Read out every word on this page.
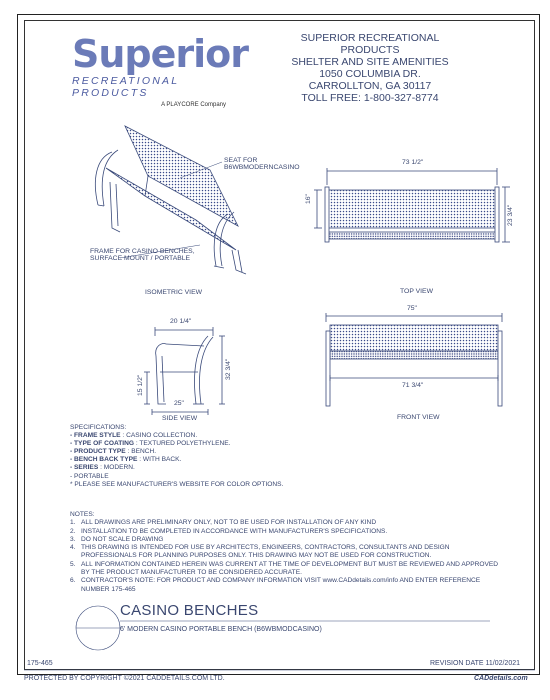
Superior
RECREATIONAL PRODUCTS
A PLAYCORE Company
SUPERIOR RECREATIONAL PRODUCTS
SHELTER AND SITE AMENITIES
1050 COLUMBIA DR.
CARROLLTON, GA 30117
TOLL FREE: 1-800-327-8774
SEAT FOR
B6WBMODERNCASINO
FRAME FOR CASINO BENCHES,
SURFACE MOUNT / PORTABLE
ISOMETRIC VIEW	TOP VIEW
SIDE VIEW	FRONT VIEW
73 1/2"
16"
23 3/4"
75"
71 3/4"
20 1/4"
15 1/2"
32 3/4"
25"
SPECIFICATIONS:
- FRAME STYLE : CASINO COLLECTION.
- TYPE OF COATING : TEXTURED POLYETHYLENE.
- PRODUCT TYPE : BENCH.
- BENCH BACK TYPE : WITH BACK.
- SERIES : MODERN.
- PORTABLE
* PLEASE SEE MANUFACTURER'S WEBSITE FOR COLOR OPTIONS.
NOTES:
1. ALL DRAWINGS ARE PRELIMINARY ONLY, NOT TO BE USED FOR INSTALLATION OF ANY KIND
2. INSTALLATION TO BE COMPLETED IN ACCORDANCE WITH MANUFACTURER'S SPECIFICATIONS.
3. DO NOT SCALE DRAWING
4. THIS DRAWING IS INTENDED FOR USE BY ARCHITECTS, ENGINEERS, CONTRACTORS, CONSULTANTS AND DESIGN PROFESSIONALS FOR PLANNING PURPOSES ONLY. THIS DRAWING MAY NOT BE USED FOR CONSTRUCTION.
5. ALL INFORMATION CONTAINED HEREIN WAS CURRENT AT THE TIME OF DEVELOPMENT BUT MUST BE REVIEWED AND APPROVED BY THE PRODUCT MANUFACTURER TO BE CONSIDERED ACCURATE.
6. CONTRACTOR'S NOTE: FOR PRODUCT AND COMPANY INFORMATION VISIT www.CADdetails.com/info AND ENTER REFERENCE NUMBER 175-465
CASINO BENCHES
6' MODERN CASINO PORTABLE BENCH (B6WBMODCASINO)
175-465	REVISION DATE 11/02/2021
PROTECTED BY COPYRIGHT ©2021 CADDETAILS.COM LTD.	CADdetails.com
